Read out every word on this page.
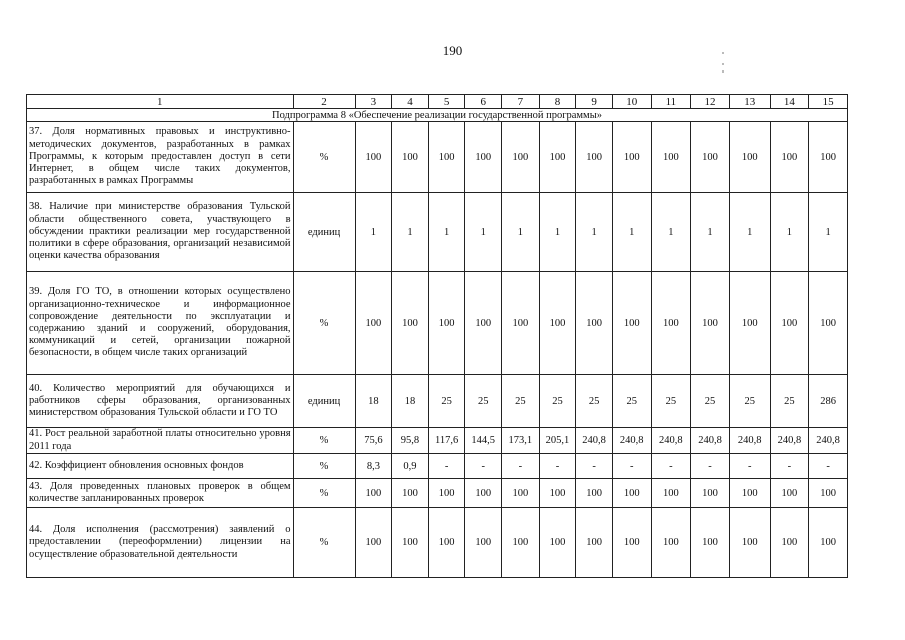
190
1	2	3	4	5	6	7	8	9	10	11	12	13	14	15
Подпрограмма 8 «Обеспечение реализации государственной программы»														
37. Доля нормативных правовых и инструктивно-методических документов, разработанных в рамках Программы, к которым предоставлен доступ в сети Интернет, в общем числе таких документов, разработанных в рамках Программы	%	100	100	100	100	100	100	100	100	100	100	100	100	100
38. Наличие при министерстве образования Тульской области общественного совета, участвующего в обсуждении практики реализации мер государственной политики в сфере образования, организаций независимой оценки качества образования	единиц	1	1	1	1	1	1	1	1	1	1	1	1	1
39. Доля ГО ТО, в отношении которых осуществлено организационно-техническое и информационное сопровождение деятельности по эксплуатации и содержанию зданий и сооружений, оборудования, коммуникаций и сетей, организации пожарной безопасности, в общем числе таких организаций	%	100	100	100	100	100	100	100	100	100	100	100	100	100
40. Количество мероприятий для обучающихся и работников сферы образования, организованных министерством образования Тульской области и ГО ТО	единиц	18	18	25	25	25	25	25	25	25	25	25	25	286
41. Рост реальной заработной платы относительно уровня 2011 года	%	75,6	95,8	117,6	144,5	173,1	205,1	240,8	240,8	240,8	240,8	240,8	240,8	240,8
42. Коэффициент обновления основных фондов	%	8,3	0,9	-	-	-	-	-	-	-	-	-	-	-
43. Доля проведенных плановых проверок в общем количестве запланированных проверок	%	100	100	100	100	100	100	100	100	100	100	100	100	100
44. Доля исполнения (рассмотрения) заявлений о предоставлении (переоформлении) лицензии на осуществление образовательной деятельности	%	100	100	100	100	100	100	100	100	100	100	100	100	100
